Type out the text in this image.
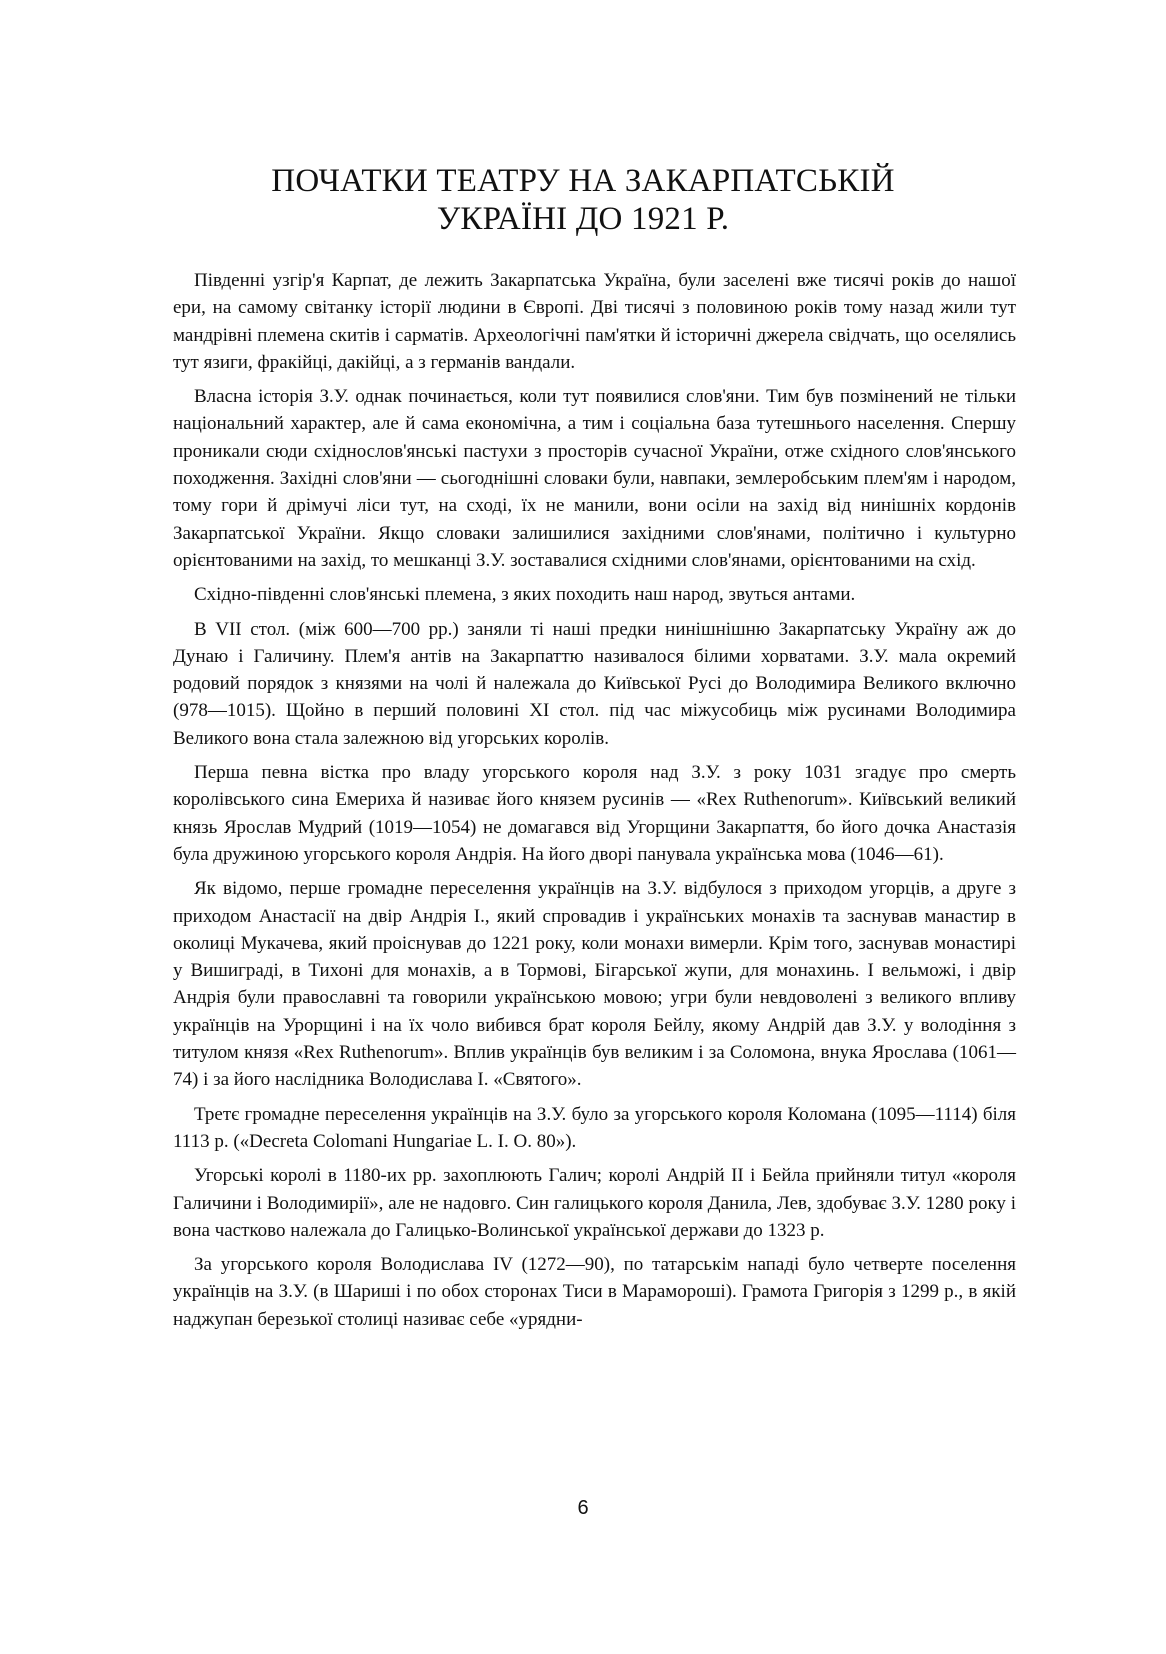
ПОЧАТКИ ТЕАТРУ НА ЗАКАРПАТСЬКІЙ
УКРАЇНІ ДО 1921 Р.

Південні узгір'я Карпат, де лежить Закарпатська Україна, були заселені вже тисячі років до нашої ери, на самому світанку історії людини в Європі. Дві тисячі з половиною років тому назад жили тут мандрівні племена скитів і сарматів. Археологічні пам'ятки й історичні джерела свідчать, що оселялись тут язиги, фракійці, дакійці, а з германів вандали.

Власна історія З.У. однак починається, коли тут появилися слов'яни. Тим був позмінений не тільки національний характер, але й сама економічна, а тим і соціальна база тутешнього населення. Спершу проникали сюди східнослов'янські пастухи з просторів сучасної України, отже східного слов'янського походження. Західні слов'яни — сьогоднішні словаки були, навпаки, землеробським плем'ям і народом, тому гори й дрімучі ліси тут, на сході, їх не манили, вони осіли на захід від нинішніх кордонів Закарпатської України. Якщо словаки залишилися західними слов'янами, політично і культурно орієнтованими на захід, то мешканці З.У. зоставалися східними слов'янами, орієнтованими на схід.

Східно-південні слов'янські племена, з яких походить наш народ, звуться антами.

В VII стол. (між 600—700 рр.) заняли ті наші предки нинішнішню Закарпатську Україну аж до Дунаю і Галичину. Плем'я антів на Закарпаттю називалося білими хорватами. З.У. мала окремий родовий порядок з князями на чолі й належала до Київської Русі до Володимира Великого включно (978—1015). Щойно в перший половині XI стол. під час міжусобиць між русинами Володимира Великого вона стала залежною від угорських королів.

Перша певна вістка про владу угорського короля над З.У. з року 1031 згадує про смерть королівського сина Емериха й називає його князем русинів — «Rex Ruthenorum». Київський великий князь Ярослав Мудрий (1019—1054) не домагався від Угорщини Закарпаття, бо його дочка Анастазія була дружиною угорського короля Андрія. На його дворі панувала українська мова (1046—61).

Як відомо, перше громадне переселення українців на З.У. відбулося з приходом угорців, а друге з приходом Анастасії на двір Андрія І., який спровадив і українських монахів та заснував манастир в околиці Мукачева, який проіснував до 1221 року, коли монахи вимерли. Крім того, заснував монастирі у Вишиграді, в Тихоні для монахів, а в Тормові, Бігарської жупи, для монахинь. І вельможі, і двір Андрія були православні та говорили українською мовою; угри були невдоволені з великого впливу українців на Урорщині і на їх чоло вибився брат короля Бейлу, якому Андрій дав З.У. у володіння з титулом князя «Rex Ruthenorum». Вплив українців був великим і за Соломона, внука Ярослава (1061—74) і за його наслідника Володислава І. «Святого».

Третє громадне переселення українців на З.У. було за угорського короля Коломана (1095—1114) біля 1113 р. («Decreta Colomani Hungariae L. I. O. 80»).

Угорські королі в 1180-их рр. захоплюють Галич; королі Андрій II і Бейла прийняли титул «короля Галичини і Володимирії», але не надовго. Син галицького короля Данила, Лев, здобуває З.У. 1280 року і вона частково належала до Галицько-Волинської української держави до 1323 р.

За угорського короля Володислава IV (1272—90), по татарськім нападі було четверте поселення українців на З.У. (в Шариші і по обох сторонах Тиси в Марамороші). Грамота Григорія з 1299 р., в якій наджупан березької столиці називає себе «урядни-

6
